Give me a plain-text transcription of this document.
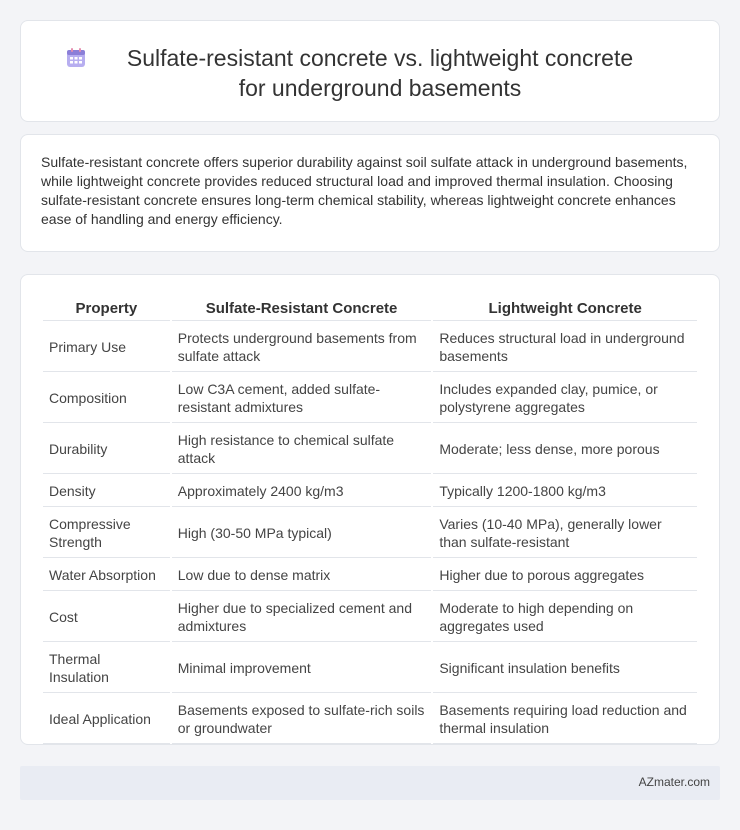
Sulfate-resistant concrete vs. lightweight concrete for underground basements

Sulfate-resistant concrete offers superior durability against soil sulfate attack in underground basements, while lightweight concrete provides reduced structural load and improved thermal insulation. Choosing sulfate-resistant concrete ensures long-term chemical stability, whereas lightweight concrete enhances ease of handling and energy efficiency.

Property	Sulfate-Resistant Concrete	Lightweight Concrete
Primary Use	Protects underground basements from sulfate attack	Reduces structural load in underground basements
Composition	Low C3A cement, added sulfate-resistant admixtures	Includes expanded clay, pumice, or polystyrene aggregates
Durability	High resistance to chemical sulfate attack	Moderate; less dense, more porous
Density	Approximately 2400 kg/m3	Typically 1200-1800 kg/m3
Compressive Strength	High (30-50 MPa typical)	Varies (10-40 MPa), generally lower than sulfate-resistant
Water Absorption	Low due to dense matrix	Higher due to porous aggregates
Cost	Higher due to specialized cement and admixtures	Moderate to high depending on aggregates used
Thermal Insulation	Minimal improvement	Significant insulation benefits
Ideal Application	Basements exposed to sulfate-rich soils or groundwater	Basements requiring load reduction and thermal insulation
AZmater.com
